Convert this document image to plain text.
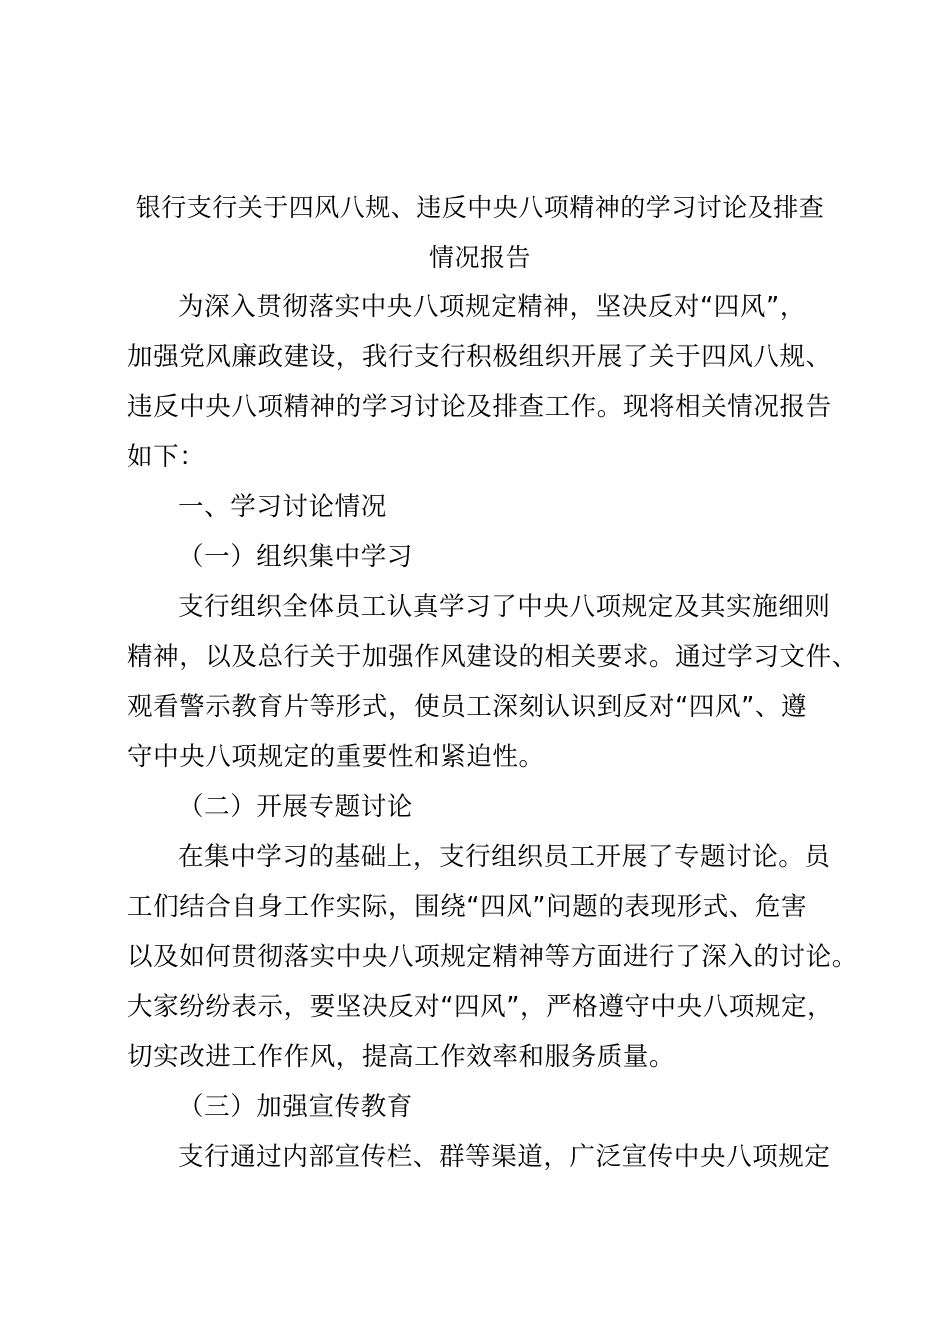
银行支行关于四风八规、违反中央八项精神的学习讨论及排查
情况报告
为深入贯彻落实中央八项规定精神，坚决反对“四风”，
加强党风廉政建设，我行支行积极组织开展了关于四风八规、
违反中央八项精神的学习讨论及排查工作。现将相关情况报告
如下：
一、学习讨论情况
（一）组织集中学习
支行组织全体员工认真学习了中央八项规定及其实施细则
精神，以及总行关于加强作风建设的相关要求。通过学习文件、
观看警示教育片等形式，使员工深刻认识到反对“四风”、遵
守中央八项规定的重要性和紧迫性。
（二）开展专题讨论
在集中学习的基础上，支行组织员工开展了专题讨论。员
工们结合自身工作实际，围绕“四风”问题的表现形式、危害
以及如何贯彻落实中央八项规定精神等方面进行了深入的讨论。
大家纷纷表示，要坚决反对“四风”，严格遵守中央八项规定，
切实改进工作作风，提高工作效率和服务质量。
（三）加强宣传教育
支行通过内部宣传栏、群等渠道，广泛宣传中央八项规定
